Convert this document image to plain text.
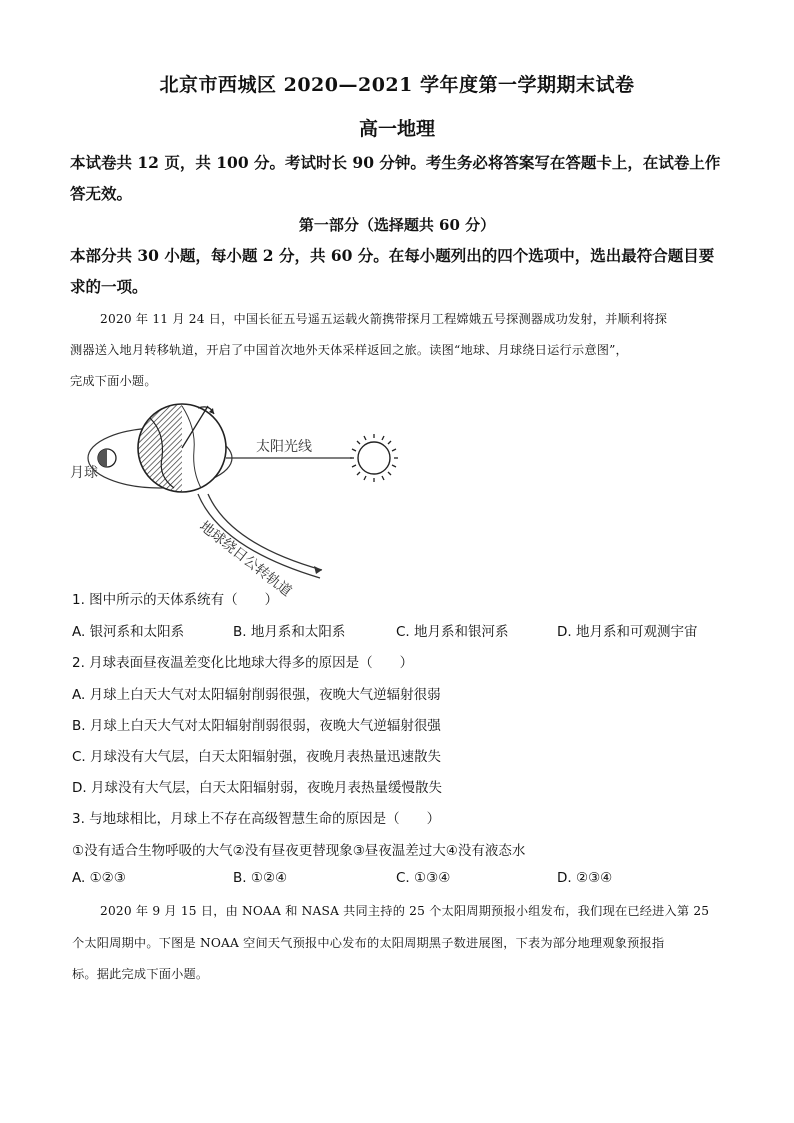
北京市西城区 2020—2021 学年度第一学期期末试卷
高一地理
本试卷共 12 页，共 100 分。考试时长 90 分钟。考生务必将答案写在答题卡上，在试卷上作
答无效。
第一部分（选择题共 60 分）
本部分共 30 小题，每小题 2 分，共 60 分。在每小题列出的四个选项中，选出最符合题目要
求的一项。
2020 年 11 月 24 日，中国长征五号遥五运载火箭携带探月工程嫦娥五号探测器成功发射，并顺利将探
测器送入地月转移轨道，开启了中国首次地外天体采样返回之旅。读图“地球、月球绕日运行示意图”，
完成下面小题。
月球
太阳光线
地球绕日公转轨道
1. 图中所示的天体系统有（　　）
A. 银河系和太阳系	B. 地月系和太阳系	C. 地月系和银河系	D. 地月系和可观测宇宙
2. 月球表面昼夜温差变化比地球大得多的原因是（　　）
A. 月球上白天大气对太阳辐射削弱很强，夜晚大气逆辐射很弱
B. 月球上白天大气对太阳辐射削弱很弱，夜晚大气逆辐射很强
C. 月球没有大气层，白天太阳辐射强，夜晚月表热量迅速散失
D. 月球没有大气层，白天太阳辐射弱，夜晚月表热量缓慢散失
3. 与地球相比，月球上不存在高级智慧生命的原因是（　　）
①没有适合生物呼吸的大气②没有昼夜更替现象③昼夜温差过大④没有液态水
A. ①②③	B. ①②④	C. ①③④	D. ②③④
2020 年 9 月 15 日，由 NOAA 和 NASA 共同主持的 25 个太阳周期预报小组发布，我们现在已经进入第 25
个太阳周期中。下图是 NOAA 空间天气预报中心发布的太阳周期黑子数进展图，下表为部分地理观象预报指
标。据此完成下面小题。
